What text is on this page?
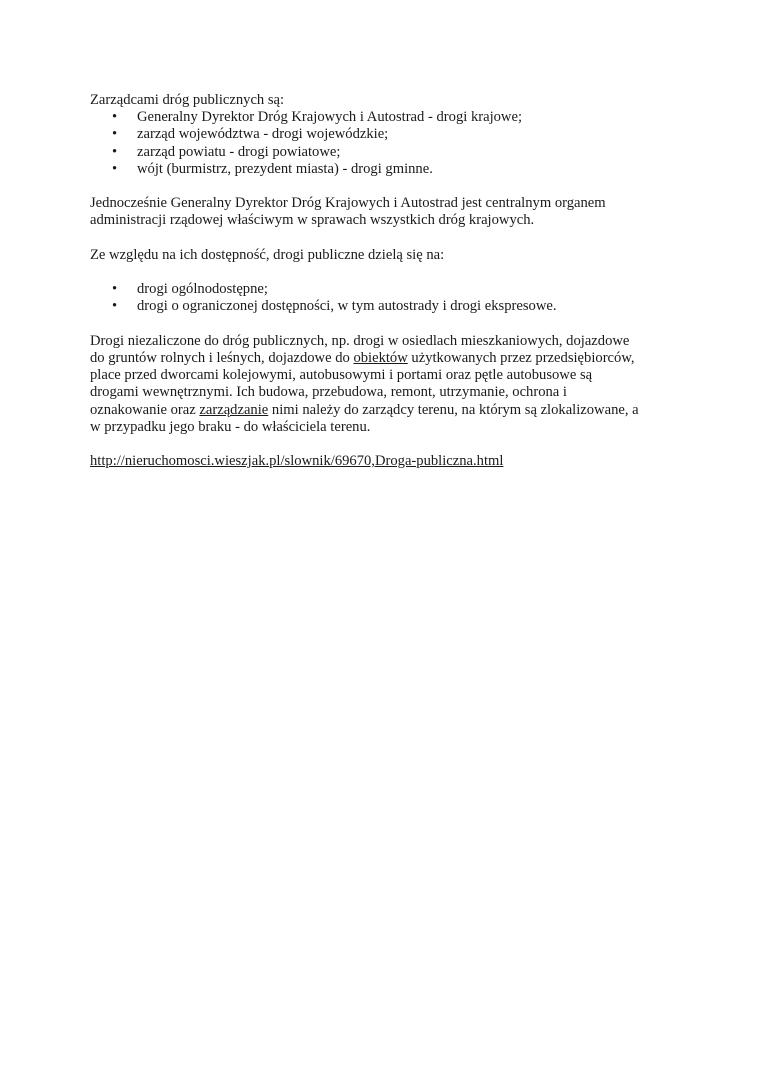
Zarządcami dróg publicznych są:

• Generalny Dyrektor Dróg Krajowych i Autostrad - drogi krajowe;
• zarząd województwa - drogi wojewódzkie;
• zarząd powiatu - drogi powiatowe;
• wójt (burmistrz, prezydent miasta) - drogi gminne.

Jednocześnie Generalny Dyrektor Dróg Krajowych i Autostrad jest centralnym organem
administracji rządowej właściwym w sprawach wszystkich dróg krajowych.

Ze względu na ich dostępność, drogi publiczne dzielą się na:

• drogi ogólnodostępne;
• drogi o ograniczonej dostępności, w tym autostrady i drogi ekspresowe.

Drogi niezaliczone do dróg publicznych, np. drogi w osiedlach mieszkaniowych, dojazdowe
do gruntów rolnych i leśnych, dojazdowe do obiektów użytkowanych przez przedsiębiorców,
place przed dworcami kolejowymi, autobusowymi i portami oraz pętle autobusowe są
drogami wewnętrznymi. Ich budowa, przebudowa, remont, utrzymanie, ochrona i
oznakowanie oraz zarządzanie nimi należy do zarządcy terenu, na którym są zlokalizowane, a
w przypadku jego braku - do właściciela terenu.

http://nieruchomosci.wieszjak.pl/slownik/69670,Droga-publiczna.html
